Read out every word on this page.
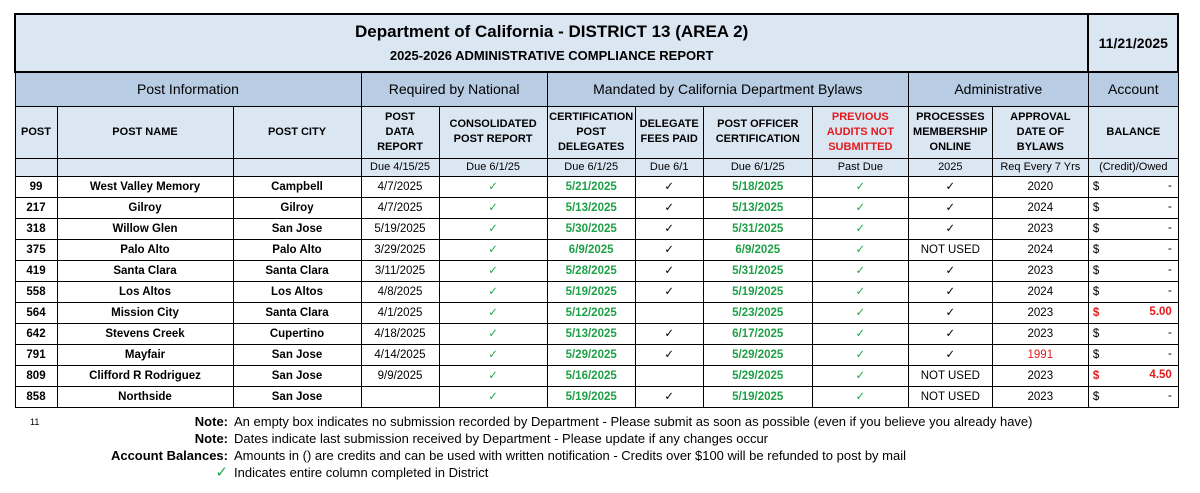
Department of California - DISTRICT 13 (AREA 2)
2025-2026 ADMINISTRATIVE COMPLIANCE REPORT											11/21/2025
Post Information			Required by National		Mandated by California Department Bylaws				Administrative		Account
POST	POST NAME	POST CITY	POST DATA REPORT	CONSOLIDATED POST REPORT	CERTIFICATION POST DELEGATES	DELEGATE FEES PAID	POST OFFICER CERTIFICATION	PREVIOUS AUDITS NOT SUBMITTED	PROCESSES MEMBERSHIP ONLINE	APPROVAL DATE OF BYLAWS	BALANCE
			Due 4/15/25	Due 6/1/25	Due 6/1/25	Due 6/1	Due 6/1/25	Past Due	2025	Req Every 7 Yrs	(Credit)/Owed
99	West Valley Memory	Campbell	4/7/2025	✓	5/21/2025	✓	5/18/2025	✓	✓	2020	$ -

217	Gilroy	Gilroy	4/7/2025	✓	5/13/2025	✓	5/13/2025	✓	✓	2024	$ -

318	Willow Glen	San Jose	5/19/2025	✓	5/30/2025	✓	5/31/2025	✓	✓	2023	$ -

375	Palo Alto	Palo Alto	3/29/2025	✓	6/9/2025	✓	6/9/2025	✓	NOT USED	2024	$ -

419	Santa Clara	Santa Clara	3/11/2025	✓	5/28/2025	✓	5/31/2025	✓	✓	2023	$ -

558	Los Altos	Los Altos	4/8/2025	✓	5/19/2025	✓	5/19/2025	✓	✓	2024	$ -

564	Mission City	Santa Clara	4/1/2025	✓	5/12/2025		5/23/2025	✓	✓	2023	$ 5.00

642	Stevens Creek	Cupertino	4/18/2025	✓	5/13/2025	✓	6/17/2025	✓	✓	2023	$ -

791	Mayfair	San Jose	4/14/2025	✓	5/29/2025	✓	5/29/2025	✓	✓	1991	$ -

809	Clifford R Rodriguez	San Jose	9/9/2025	✓	5/16/2025		5/29/2025	✓	NOT USED	2023	$ 4.50

858	Northside	San Jose		✓	5/19/2025	✓	5/19/2025	✓	NOT USED	2023	$ -
11	Note: An empty box indicates no submission recorded by Department - Please submit as soon as possible (even if you believe you already have)
Note: Dates indicate last submission received by Department - Please update if any changes occur
Account Balances: Amounts in () are credits and can be used with written notification - Credits over $100 will be refunded to post by mail
✓ Indicates entire column completed in District
